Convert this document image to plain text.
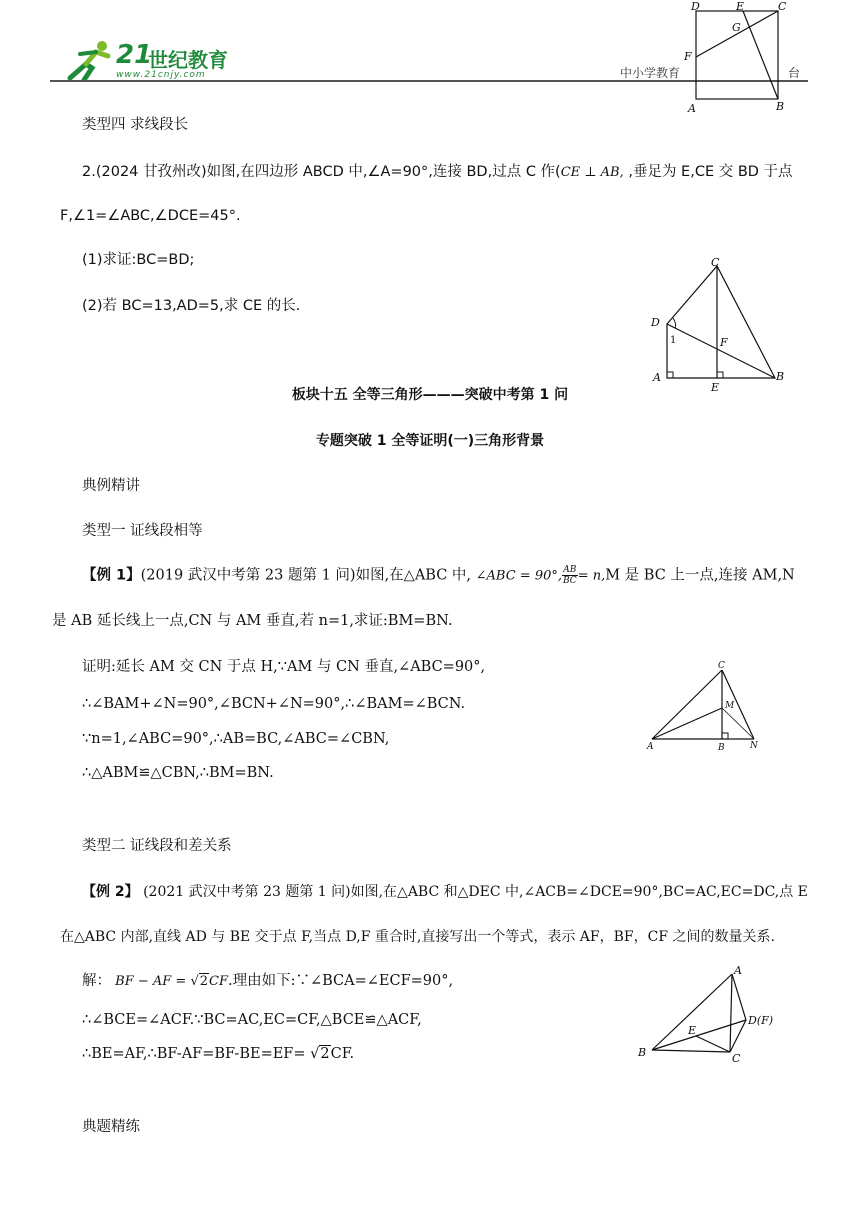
21
世纪教育
www.21cnjy.com	中小学教育	台
D	E	C
G
F
A	B
类型四 求线段长
2.(2024 甘孜州改)如图,在四边形 ABCD 中,∠A=90°,连接 BD,过点 C 作(CE ⊥ AB, ,垂足为 E,CE 交 BD 于点
F,∠1=∠ABC,∠DCE=45°.
(1)求证:BC=BD;
(2)若 BC=13,AD=5,求 CE 的长.
C
D
1	F
A
E
B
板块十五 全等三角形———突破中考第 1 问
专题突破 1 全等证明(一)三角形背景
典例精讲
类型一 证线段相等
【例 1】(2019 武汉中考第 23 题第 1 问)如图,在△ABC 中, ∠ABC = 90°, $\frac{AB}{BC} = n,M$ 是 BC 上一点,连接 AM,N
是 AB 延长线上一点,CN 与 AM 垂直,若 n=1,求证:BM=BN.
证明:延长 AM 交 CN 于点 H,∵AM 与 CN 垂直,∠ABC=90°,
∴∠BAM+∠N=90°,∠BCN+∠N=90°,∴∠BAM=∠BCN.
∵n=1,∠ABC=90°,∴AB=BC,∠ABC=∠CBN,
∴△ABM≌△CBN,∴BM=BN.
C
M
A	B	N
类型二 证线段和差关系
【例 2】 (2021 武汉中考第 23 题第 1 问)如图,在△ABC 和△DEC 中,∠ACB=∠DCE=90°,BC=AC,EC=DC,点 E
在△ABC 内部,直线 AD 与 BE 交于点 F,当点 D,F 重合时,直接写出一个等式，表示 AF，BF，CF 之间的数量关系.
解： BF − AF = √2CF.理由如下:∵∠BCA=∠ECF=90°,
∴∠BCE=∠ACF.∵BC=AC,EC=CF,△BCE≌△ACF,
∴BE=AF,∴BF-AF=BF-BE=EF= √2CF.
A
D(F)
E
B	C
典题精练
